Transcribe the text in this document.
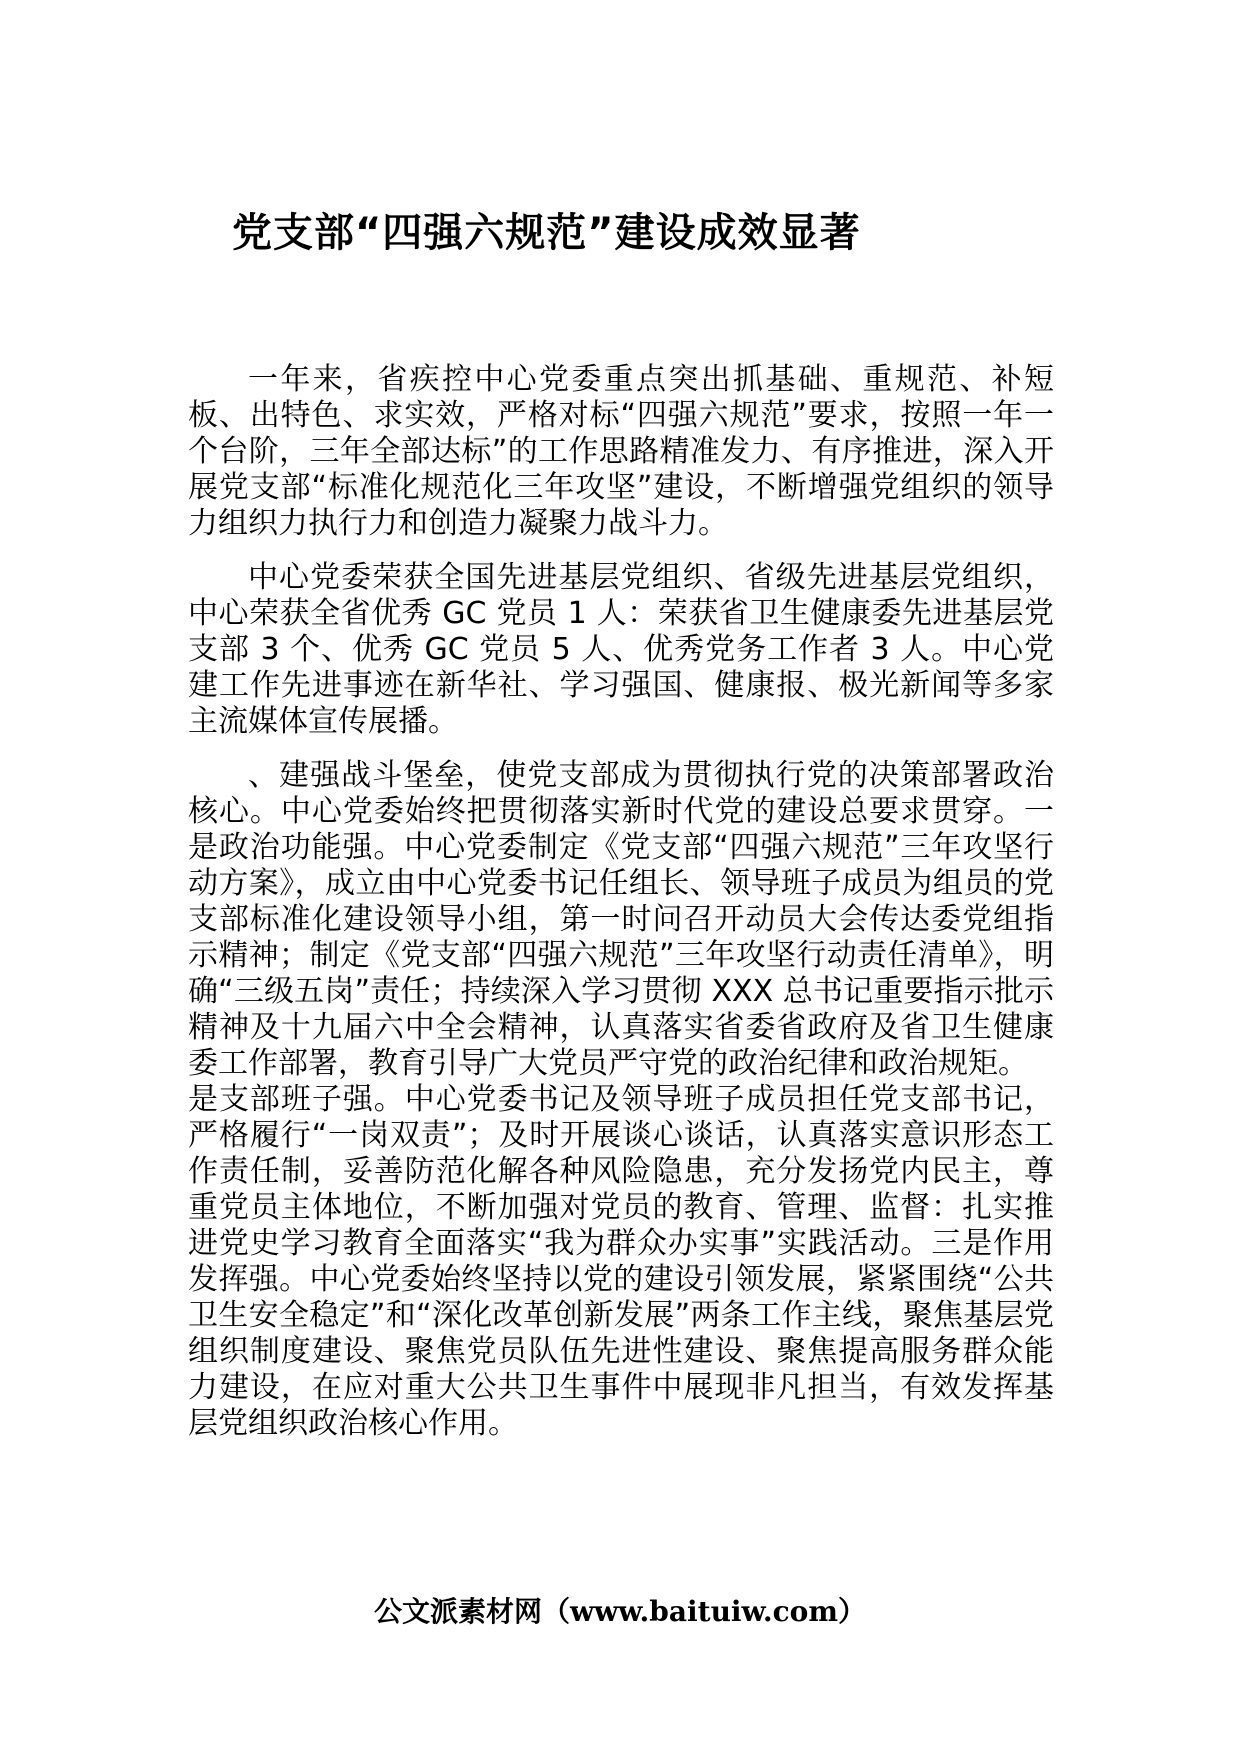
党支部“四强六规范”建设成效显著

一年来，省疾控中心党委重点突出抓基础、重规范、补短板、出特色、求实效，严格对标“四强六规范”要求，按照一年一个台阶，三年全部达标”的工作思路精准发力、有序推进，深入开展党支部“标准化规范化三年攻坚”建设，不断增强党组织的领导力组织力执行力和创造力凝聚力战斗力。

中心党委荣获全国先进基层党组织、省级先进基层党组织，中心荣获全省优秀 GC 党员 1 人：荣获省卫生健康委先进基层党支部 3 个、优秀 GC 党员 5 人、优秀党务工作者 3 人。中心党建工作先进事迹在新华社、学习强国、健康报、极光新闻等多家主流媒体宣传展播。

、建强战斗堡垒，使党支部成为贯彻执行党的决策部署政治核心。中心党委始终把贯彻落实新时代党的建设总要求贯穿。一是政治功能强。中心党委制定《党支部“四强六规范”三年攻坚行动方案》，成立由中心党委书记任组长、领导班子成员为组员的党支部标准化建设领导小组，第一时问召开动员大会传达委党组指示精神；制定《党支部“四强六规范”三年攻坚行动责任清单》，明确“三级五岗”责任；持续深入学习贯彻 XXX 总书记重要指示批示精神及十九届六中全会精神，认真落实省委省政府及省卫生健康委工作部署，教育引导广大党员严守党的政治纪律和政治规矩。

是支部班子强。中心党委书记及领导班子成员担任党支部书记，严格履行“一岗双责”；及时开展谈心谈话，认真落实意识形态工作责任制，妥善防范化解各种风险隐患，充分发扬党内民主，尊重党员主体地位，不断加强对党员的教育、管理、监督：扎实推进党史学习教育全面落实“我为群众办实事”实践活动。三是作用发挥强。中心党委始终坚持以党的建设引领发展，紧紧围绕“公共卫生安全稳定”和“深化改革创新发展”两条工作主线，聚焦基层党组织制度建设、聚焦党员队伍先进性建设、聚焦提高服务群众能力建设，在应对重大公共卫生事件中展现非凡担当，有效发挥基层党组织政治核心作用。

公文派素材网（www.baituiw.com）
